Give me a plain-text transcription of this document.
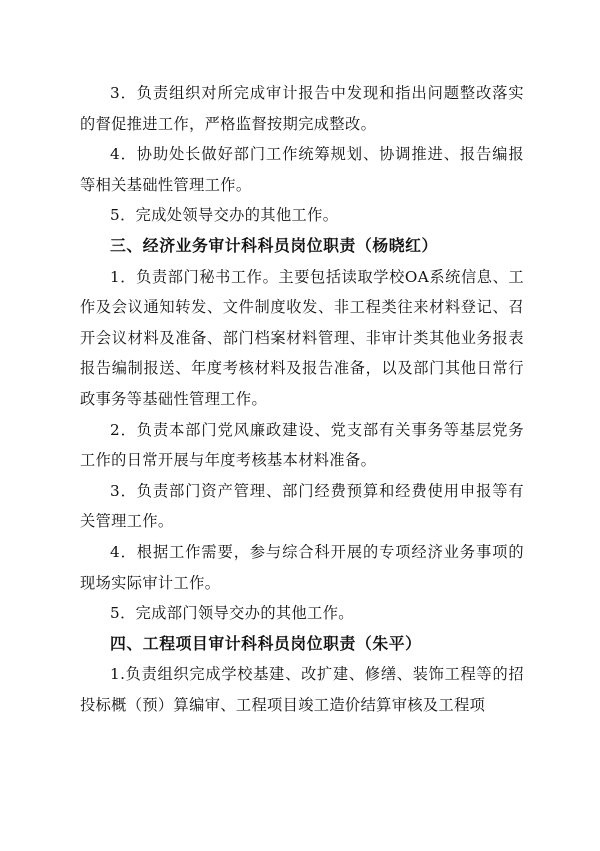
3．负责组织对所完成审计报告中发现和指出问题整改落实的督促推进工作，严格监督按期完成整改。

4．协助处长做好部门工作统筹规划、协调推进、报告编报等相关基础性管理工作。

5．完成处领导交办的其他工作。

三、经济业务审计科科员岗位职责（杨晓红）

1．负责部门秘书工作。主要包括读取学校OA系统信息、工作及会议通知转发、文件制度收发、非工程类往来材料登记、召开会议材料及准备、部门档案材料管理、非审计类其他业务报表报告编制报送、年度考核材料及报告准备，以及部门其他日常行政事务等基础性管理工作。

2．负责本部门党风廉政建设、党支部有关事务等基层党务工作的日常开展与年度考核基本材料准备。

3．负责部门资产管理、部门经费预算和经费使用申报等有关管理工作。

4．根据工作需要，参与综合科开展的专项经济业务事项的现场实际审计工作。

5．完成部门领导交办的其他工作。

四、工程项目审计科科员岗位职责（朱平）

1.负责组织完成学校基建、改扩建、修缮、装饰工程等的招投标概（预）算编审、工程项目竣工造价结算审核及工程项
